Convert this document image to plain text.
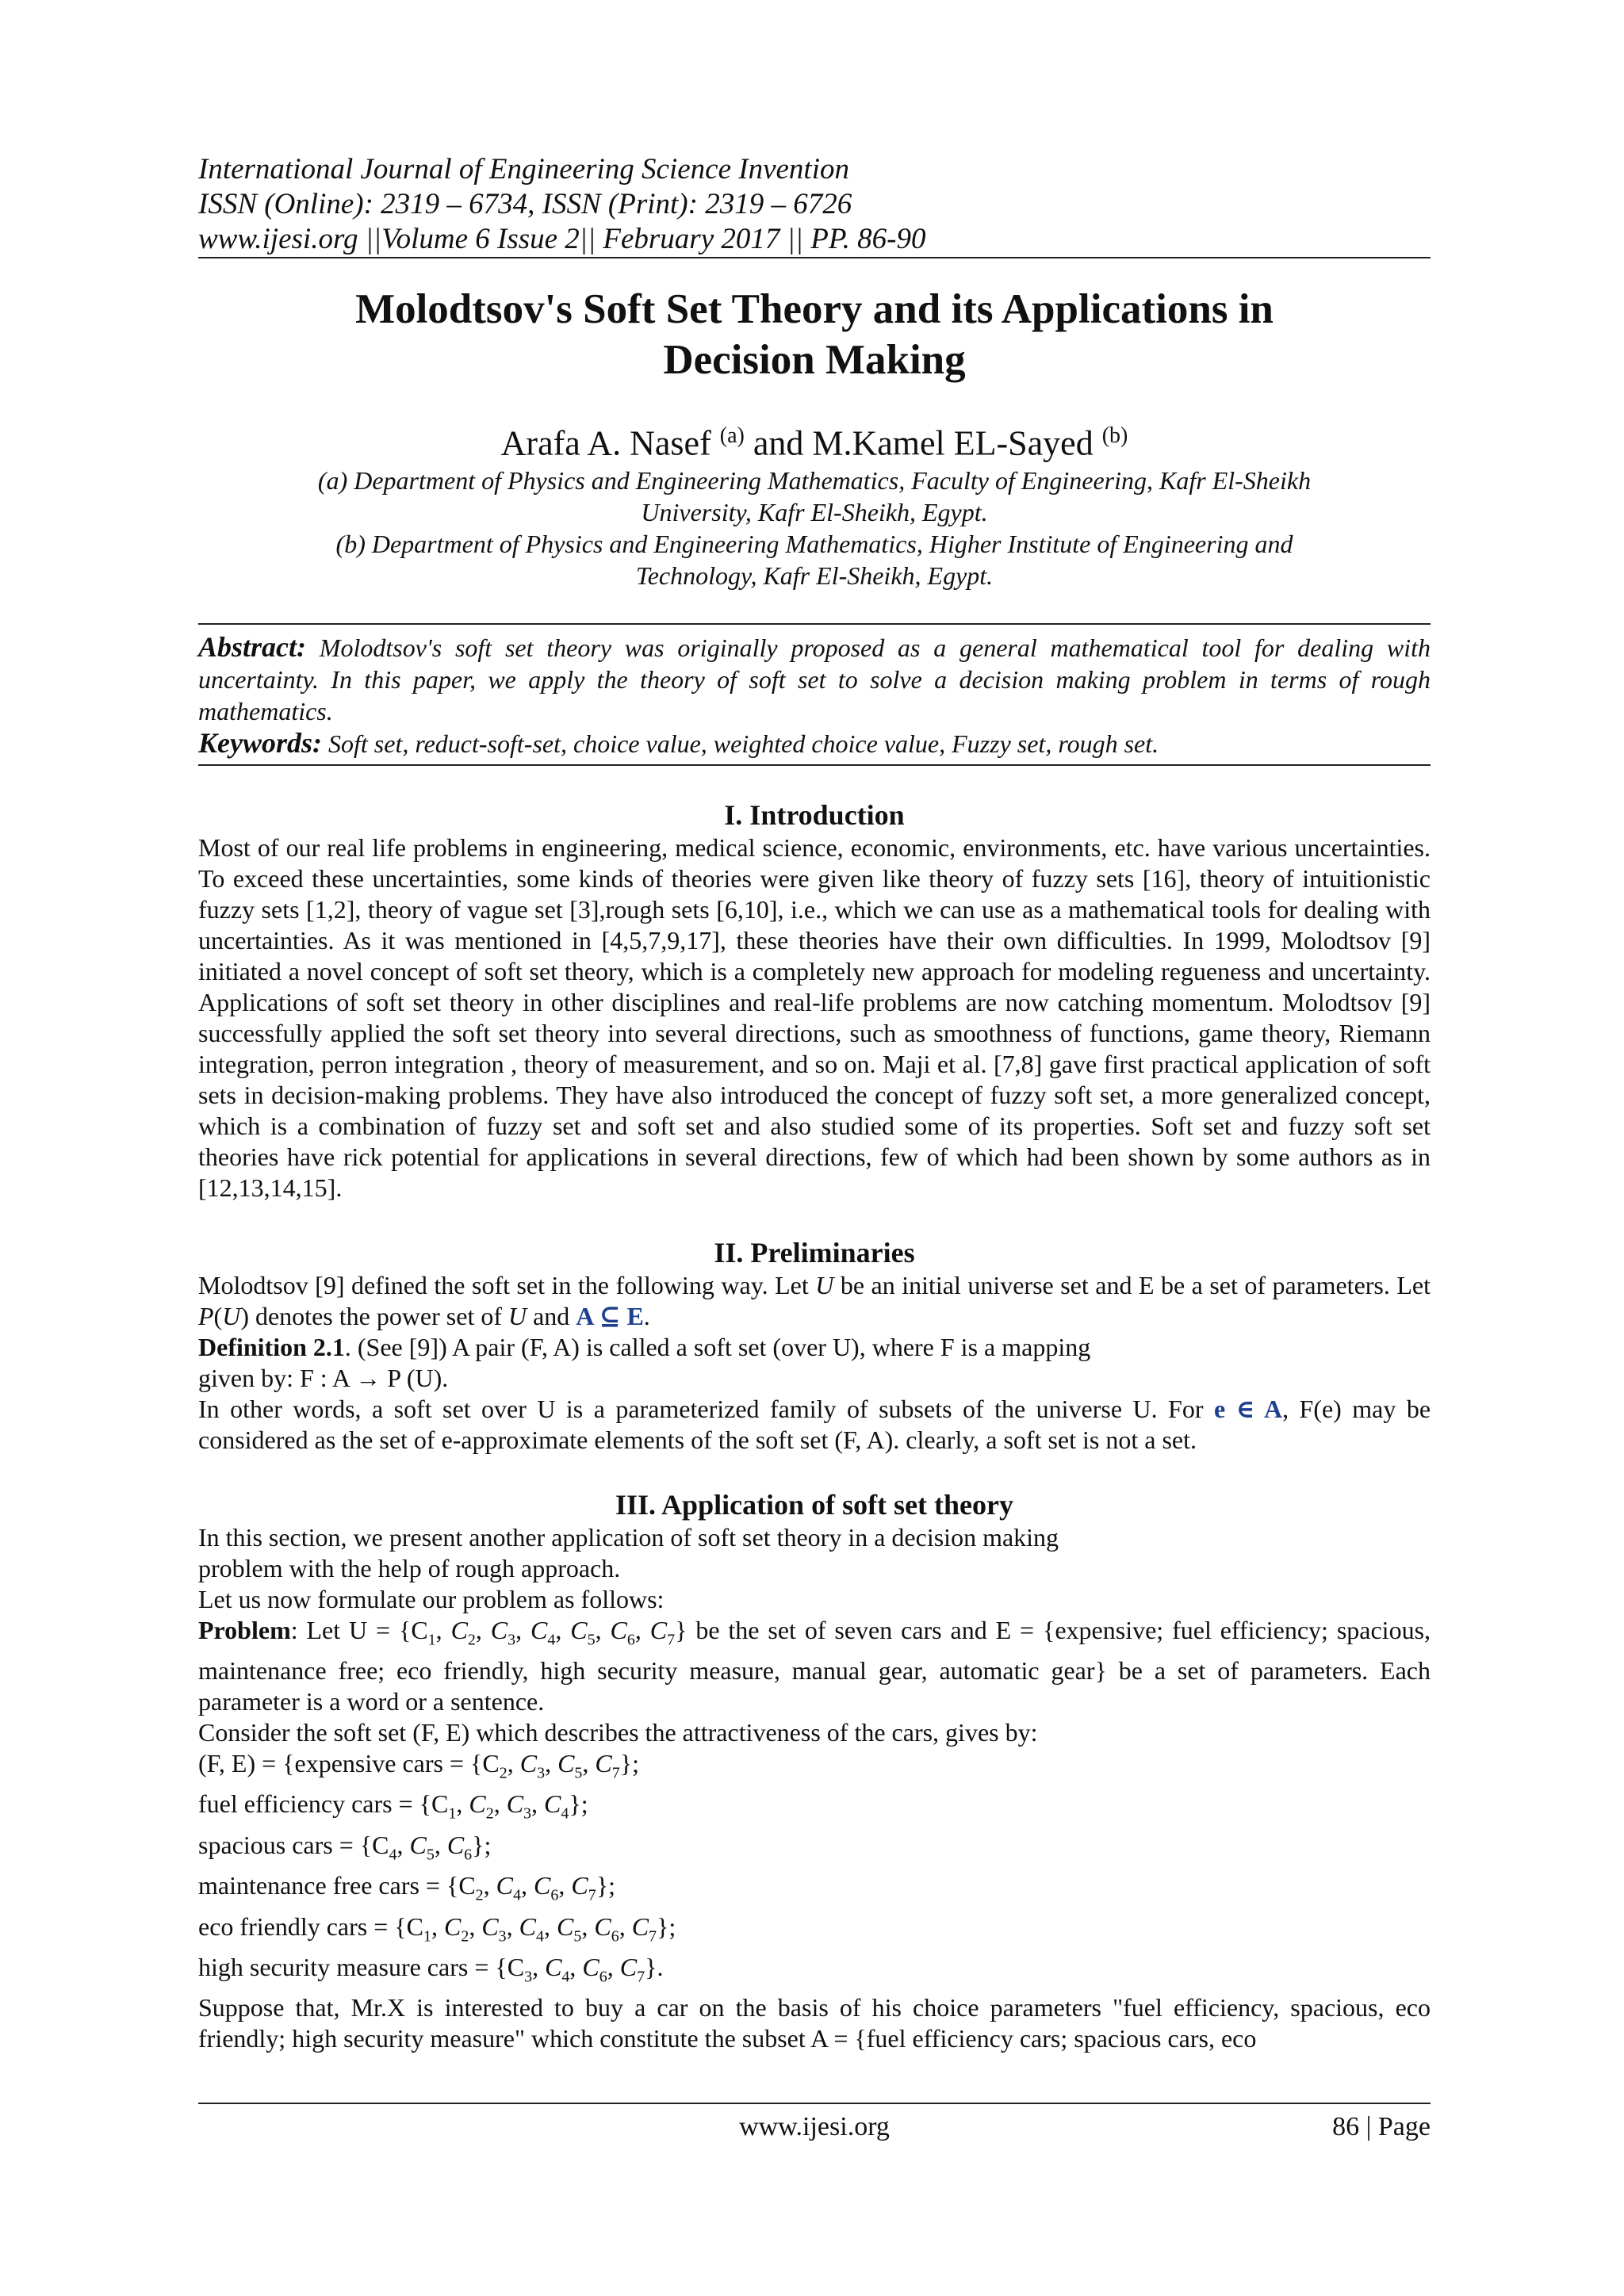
International Journal of Engineering Science Invention
ISSN (Online): 2319 – 6734, ISSN (Print): 2319 – 6726
www.ijesi.org ||Volume 6 Issue 2|| February 2017 || PP. 86-90
Molodtsov's Soft Set Theory and its Applications in
Decision Making
Arafa A. Nasef $^{(a)}$ and M.Kamel EL-Sayed $^{(b)}$
(a) Department of Physics and Engineering Mathematics, Faculty of Engineering, Kafr El-Sheikh
University, Kafr El-Sheikh, Egypt.
(b) Department of Physics and Engineering Mathematics, Higher Institute of Engineering and
Technology, Kafr El-Sheikh, Egypt.
Abstract: Molodtsov's soft set theory was originally proposed as a general mathematical tool for dealing with uncertainty. In this paper, we apply the theory of soft set to solve a decision making problem in terms of rough mathematics.
Keywords: Soft set, reduct-soft-set, choice value, weighted choice value, Fuzzy set, rough set.
I. Introduction
Most of our real life problems in engineering, medical science, economic, environments, etc. have various uncertainties. To exceed these uncertainties, some kinds of theories were given like theory of fuzzy sets [16], theory of intuitionistic fuzzy sets [1,2], theory of vague set [3],rough sets [6,10], i.e., which we can use as a mathematical tools for dealing with uncertainties. As it was mentioned in [4,5,7,9,17], these theories have their own difficulties. In 1999, Molodtsov [9] initiated a novel concept of soft set theory, which is a completely new approach for modeling regueness and uncertainty. Applications of soft set theory in other disciplines and real-life problems are now catching momentum. Molodtsov [9] successfully applied the soft set theory into several directions, such as smoothness of functions, game theory, Riemann integration, perron integration , theory of measurement, and so on. Maji et al. [7,8] gave first practical application of soft sets in decision-making problems. They have also introduced the concept of fuzzy soft set, a more generalized concept, which is a combination of fuzzy set and soft set and also studied some of its properties. Soft set and fuzzy soft set theories have rick potential for applications in several directions, few of which had been shown by some authors as in [12,13,14,15].
II. Preliminaries
Molodtsov [9] defined the soft set in the following way. Let U be an initial universe set and E be a set of parameters. Let P(U) denotes the power set of U and A ⊆ E.
Definition 2.1. (See [9]) A pair (F, A) is called a soft set (over U), where F is a mapping
given by: F : A → P (U).
In other words, a soft set over U is a parameterized family of subsets of the universe U. For e ∈ A, F(e) may be considered as the set of e-approximate elements of the soft set (F, A). clearly, a soft set is not a set.
III. Application of soft set theory
In this section, we present another application of soft set theory in a decision making
problem with the help of rough approach.
Let us now formulate our problem as follows:
Problem: Let $U = \{C_1$, $C_2$, $C_3$, $C_4$, $C_5$, $C_6$, $C_7$} be the set of seven cars and E = {expensive; fuel efficiency; spacious, maintenance free; eco friendly, high security measure, manual gear, automatic gear} be a set of parameters. Each parameter is a word or a sentence.
Consider the soft set (F, E) which describes the attractiveness of the cars, gives by:
(F, E) = {expensive cars = {$C_2$, $C_3$, $C_5$, $C_7$};
fuel efficiency cars = {$C_1$, $C_2$, $C_3$, $C_4$};
spacious cars = {$C_4$, $C_5$, $C_6$};
maintenance free cars = {$C_2$, $C_4$, $C_6$, $C_7$};
eco friendly cars = {$C_1$, $C_2$, $C_3$, $C_4$, $C_5$, $C_6$, $C_7$};
high security measure cars = {$C_3$, $C_4$, $C_6$, $C_7$}.
Suppose that, Mr.X is interested to buy a car on the basis of his choice parameters "fuel efficiency, spacious, eco friendly; high security measure" which constitute the subset A = {fuel efficiency cars; spacious cars, eco
www.ijesi.org	86 | Page
